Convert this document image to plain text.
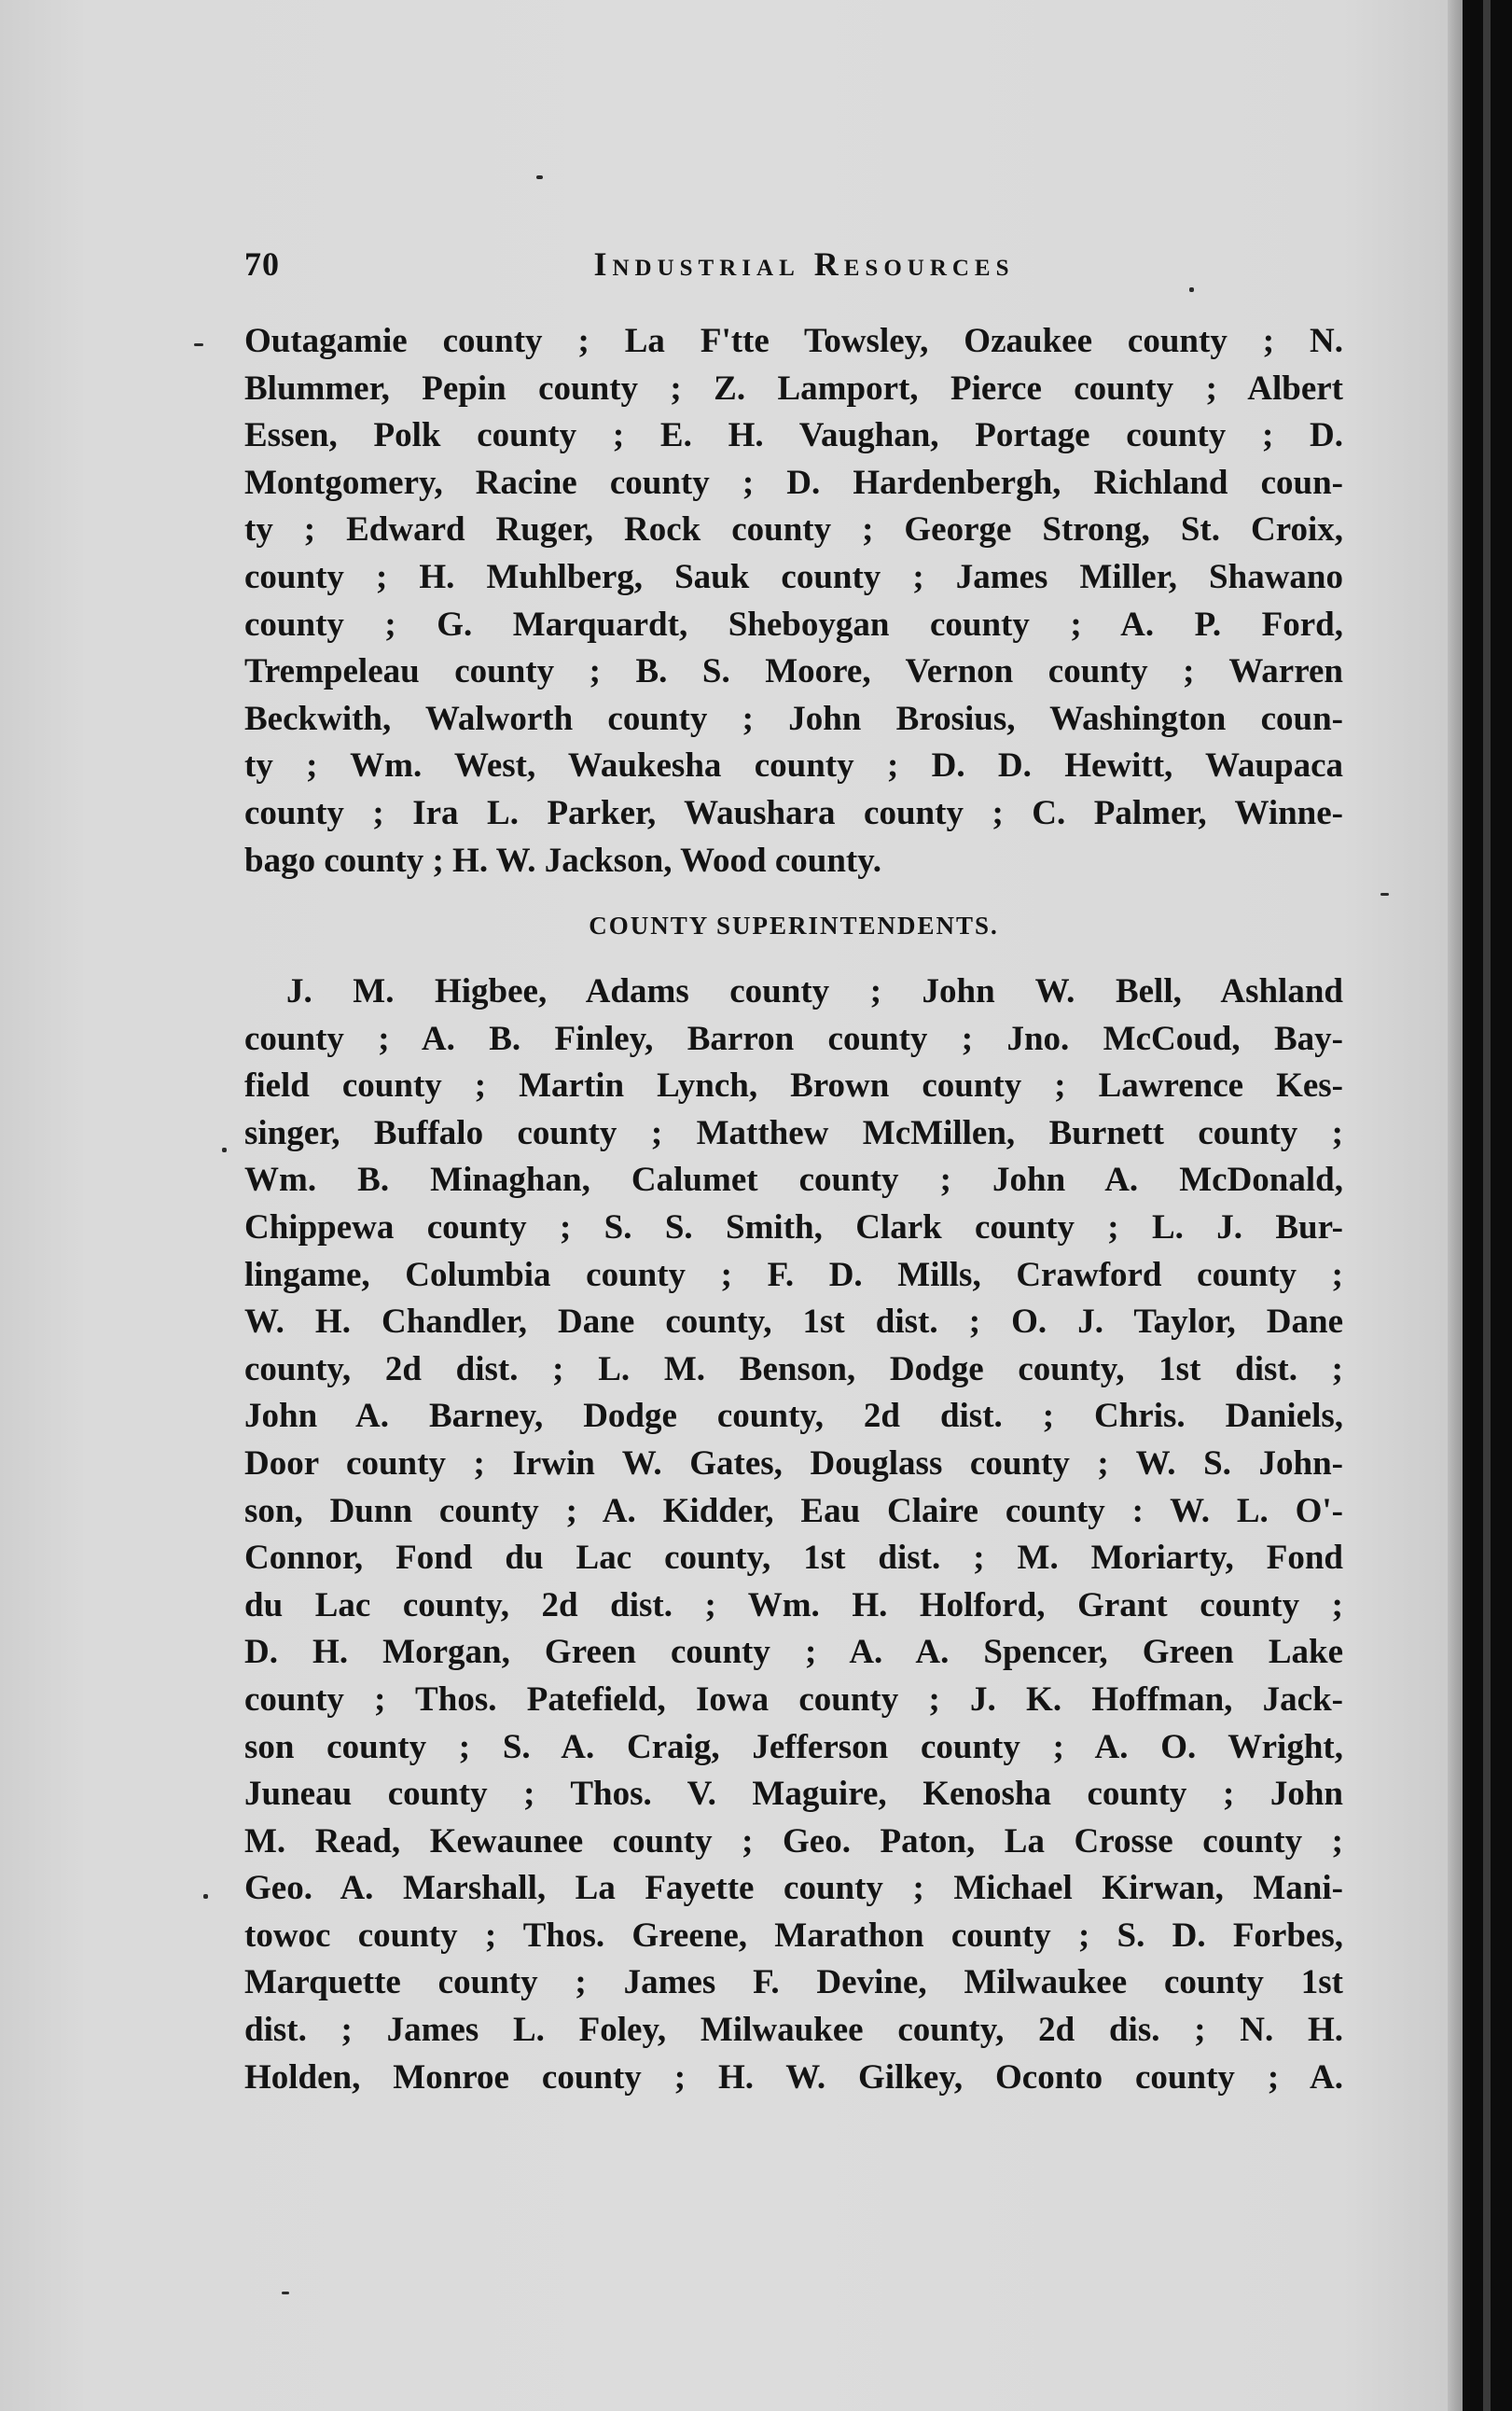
70	Industrial Resources
Outagamie county ; La F'tte Towsley, Ozaukee county ; N.
Blummer, Pepin county ; Z. Lamport, Pierce county ; Albert
Essen, Polk county ; E. H. Vaughan, Portage county ; D.
Montgomery, Racine county ; D. Hardenbergh, Richland coun-
ty ; Edward Ruger, Rock county ; George Strong, St. Croix,
county ; H. Muhlberg, Sauk county ; James Miller, Shawano
county ; G. Marquardt, Sheboygan county ; A. P. Ford,
Trempeleau county ; B. S. Moore, Vernon county ; Warren
Beckwith, Walworth county ; John Brosius, Washington coun-
ty ; Wm. West, Waukesha county ; D. D. Hewitt, Waupaca
county ; Ira L. Parker, Waushara county ; C. Palmer, Winne-
bago county ; H. W. Jackson, Wood county.
COUNTY SUPERINTENDENTS.
J. M. Higbee, Adams county ; John W. Bell, Ashland
county ; A. B. Finley, Barron county ; Jno. McCoud, Bay-
field county ; Martin Lynch, Brown county ; Lawrence Kes-
singer, Buffalo county ; Matthew McMillen, Burnett county ;
Wm. B. Minaghan, Calumet county ; John A. McDonald,
Chippewa county ; S. S. Smith, Clark county ; L. J. Bur-
lingame, Columbia county ; F. D. Mills, Crawford county ;
W. H. Chandler, Dane county, 1st dist. ; O. J. Taylor, Dane
county, 2d dist. ; L. M. Benson, Dodge county, 1st dist. ;
John A. Barney, Dodge county, 2d dist. ; Chris. Daniels,
Door county ; Irwin W. Gates, Douglass county ; W. S. John-
son, Dunn county ; A. Kidder, Eau Claire county : W. L. O'-
Connor, Fond du Lac county, 1st dist. ; M. Moriarty, Fond
du Lac county, 2d dist. ; Wm. H. Holford, Grant county ;
D. H. Morgan, Green county ; A. A. Spencer, Green Lake
county ; Thos. Patefield, Iowa county ; J. K. Hoffman, Jack-
son county ; S. A. Craig, Jefferson county ; A. O. Wright,
Juneau county ; Thos. V. Maguire, Kenosha county ; John
M. Read, Kewaunee county ; Geo. Paton, La Crosse county ;
Geo. A. Marshall, La Fayette county ; Michael Kirwan, Mani-
towoc county ; Thos. Greene, Marathon county ; S. D. Forbes,
Marquette county ; James F. Devine, Milwaukee county 1st
dist. ; James L. Foley, Milwaukee county, 2d dis. ; N. H.
Holden, Monroe county ; H. W. Gilkey, Oconto county ; A.
